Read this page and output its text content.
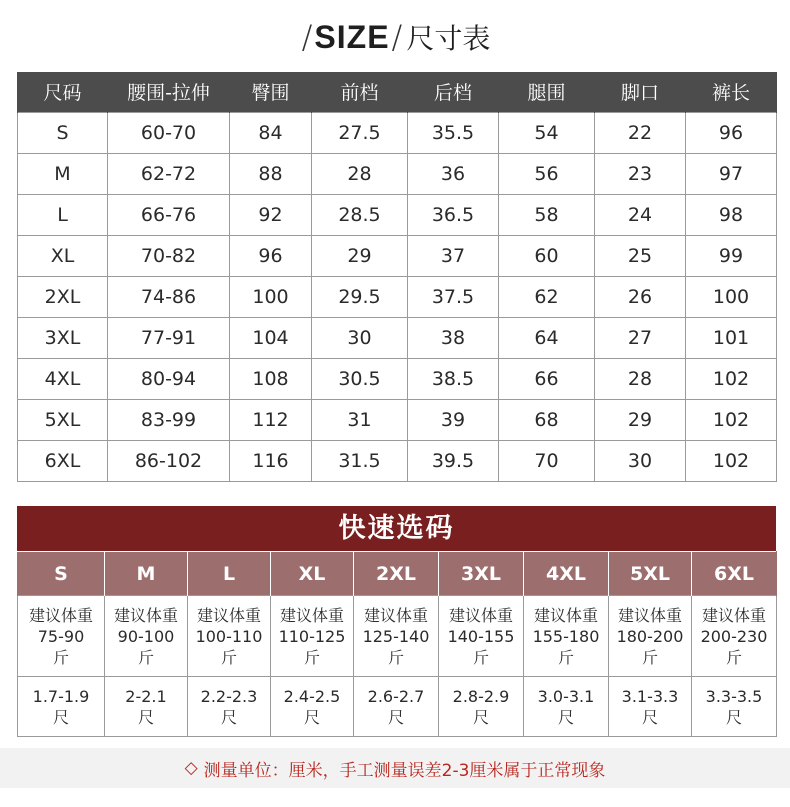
/ SIZE / 尺寸表
尺码	腰围-拉伸	臀围	前档	后档	腿围	脚口	裤长
S	60-70	84	27.5	35.5	54	22	96
M	62-72	88	28	36	56	23	97
L	66-76	92	28.5	36.5	58	24	98
XL	70-82	96	29	37	60	25	99
2XL	74-86	100	29.5	37.5	62	26	100
3XL	77-91	104	30	38	64	27	101
4XL	80-94	108	30.5	38.5	66	28	102
5XL	83-99	112	31	39	68	29	102
6XL	86-102	116	31.5	39.5	70	30	102
快速选码
S	M	L	XL	2XL	3XL	4XL	5XL	6XL

建议体重
75-90
斤	建议体重
90-100
斤	建议体重
100-110
斤	建议体重
110-125
斤	建议体重
125-140
斤	建议体重
140-155
斤	建议体重
155-180
斤	建议体重
180-200
斤	建议体重
200-230
斤

1.7-1.9
尺	2-2.1
尺	2.2-2.3
尺	2.4-2.5
尺	2.6-2.7
尺	2.8-2.9
尺	3.0-3.1
尺	3.1-3.3
尺	3.3-3.5
尺
◇ 测量单位：厘米，手工测量误差2-3厘米属于正常现象
